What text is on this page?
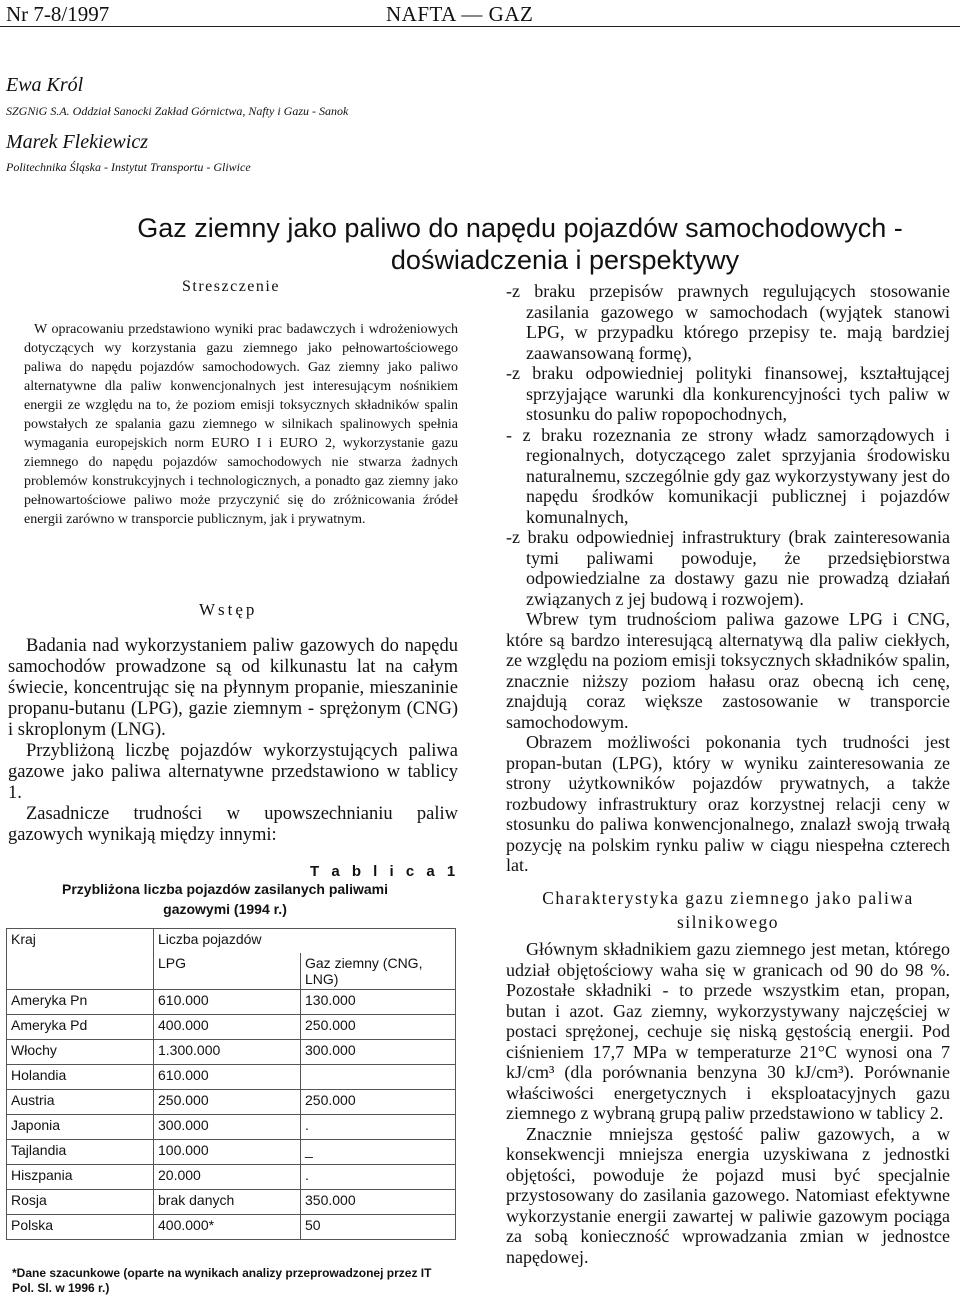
Nr 7-8/1997	NAFTA — GAZ
Ewa Król
SZGNiG S.A. Oddział Sanocki Zakład Górnictwa, Nafty i Gazu - Sanok
Marek Flekiewicz
Politechnika Śląska - Instytut Transportu - Gliwice
Gaz ziemny jako paliwo do napędu pojazdów samochodowych -
doświadczenia i perspektywy
Streszczenie
W opracowaniu przedstawiono wyniki prac badawczych i wdrożeniowych dotyczących wy korzystania gazu ziemnego jako pełnowartościowego paliwa do napędu pojazdów samochodowych. Gaz ziemny jako paliwo alternatywne dla paliw konwencjonalnych jest interesującym nośnikiem energii ze względu na to, że poziom emisji toksycznych składników spalin powstałych ze spalania gazu ziemnego w silnikach spalinowych spełnia wymagania europejskich norm EURO I i EURO 2, wykorzystanie gazu ziemnego do napędu pojazdów samochodowych nie stwarza żadnych problemów konstrukcyjnych i technologicznych, a ponadto gaz ziemny jako pełnowartościowe paliwo może przyczynić się do zróżnicowania źródeł energii zarówno w transporcie publicznym, jak i prywatnym.
Wstęp

Badania nad wykorzystaniem paliw gazowych do napędu samochodów prowadzone są od kilkunastu lat na całym świecie, koncentrując się na płynnym propanie, mieszaninie propanu-butanu (LPG), gazie ziemnym - sprężonym (CNG) i skroplonym (LNG).

Przybliżoną liczbę pojazdów wykorzystujących paliwa gazowe jako paliwa alternatywne przedstawiono w tablicy 1.

Zasadnicze trudności w upowszechnianiu paliw gazowych wynikają między innymi:

-z braku przepisów prawnych regulujących stosowanie zasilania gazowego w samochodach (wyjątek stanowi LPG, w przypadku którego przepisy te. mają bardziej zaawansowaną formę),

-z braku odpowiedniej polityki finansowej, kształtującej sprzyjające warunki dla konkurencyjności tych paliw w stosunku do paliw ropopochodnych,

- z braku rozeznania ze strony władz samorządowych i regionalnych, dotyczącego zalet sprzyjania środowisku naturalnemu, szczególnie gdy gaz wykorzystywany jest do napędu środków komunikacji publicznej i pojazdów komunalnych,

-z braku odpowiedniej infrastruktury (brak zainteresowania tymi paliwami powoduje, że przedsiębiorstwa odpowiedzialne za dostawy gazu nie prowadzą działań związanych z jej budową i rozwojem).

Wbrew tym trudnościom paliwa gazowe LPG i CNG, które są bardzo interesującą alternatywą dla paliw ciekłych, ze względu na poziom emisji toksycznych składników spalin, znacznie niższy poziom hałasu oraz obecną ich cenę, znajdują coraz większe zastosowanie w transporcie samochodowym.

Obrazem możliwości pokonania tych trudności jest propan-butan (LPG), który w wyniku zainteresowania ze strony użytkowników pojazdów prywatnych, a także rozbudowy infrastruktury oraz korzystnej relacji ceny w stosunku do paliwa konwencjonalnego, znalazł swoją trwałą pozycję na polskim rynku paliw w ciągu niespełna czterech lat.

Charakterystyka gazu ziemnego jako paliwa silnikowego

Głównym składnikiem gazu ziemnego jest metan, którego udział objętościowy waha się w granicach od 90 do 98 %. Pozostałe składniki - to przede wszystkim etan, propan, butan i azot. Gaz ziemny, wykorzystywany najczęściej w postaci sprężonej, cechuje się niską gęstością energii. Pod ciśnieniem 17,7 MPa w temperaturze 21°C wynosi ona 7 kJ/cm³ (dla porównania benzyna 30 kJ/cm³). Porównanie właściwości energetycznych i eksploatacyjnych gazu ziemnego z wybraną grupą paliw przedstawiono w tablicy 2.

Znacznie mniejsza gęstość paliw gazowych, a w konsekwencji mniejsza energia uzyskiwana z jednostki objętości, powoduje że pojazd musi być specjalnie przystosowany do zasilania gazowego. Natomiast efektywne wykorzystanie energii zawartej w paliwie gazowym pociąga za sobą konieczność wprowadzania zmian w jednostce napędowej.

T a b l i c a 1
Przybliżona liczba pojazdów zasilanych paliwami gazowymi (1994 r.)
Kraj	Liczba pojazdów	
	LPG	Gaz ziemny (CNG, LNG)
Ameryka Pn	610.000	130.000
Ameryka Pd	400.000	250.000
Włochy	1.300.000	300.000
Holandia	610.000	
Austria	250.000	250.000
Japonia	300.000	.
Tajlandia	100.000	_
Hiszpania	20.000	.
Rosja	brak danych	350.000
Polska	400.000*	50
*Dane szacunkowe (oparte na wynikach analizy przeprowadzonej przez IT Pol. Sl. w 1996 r.)
